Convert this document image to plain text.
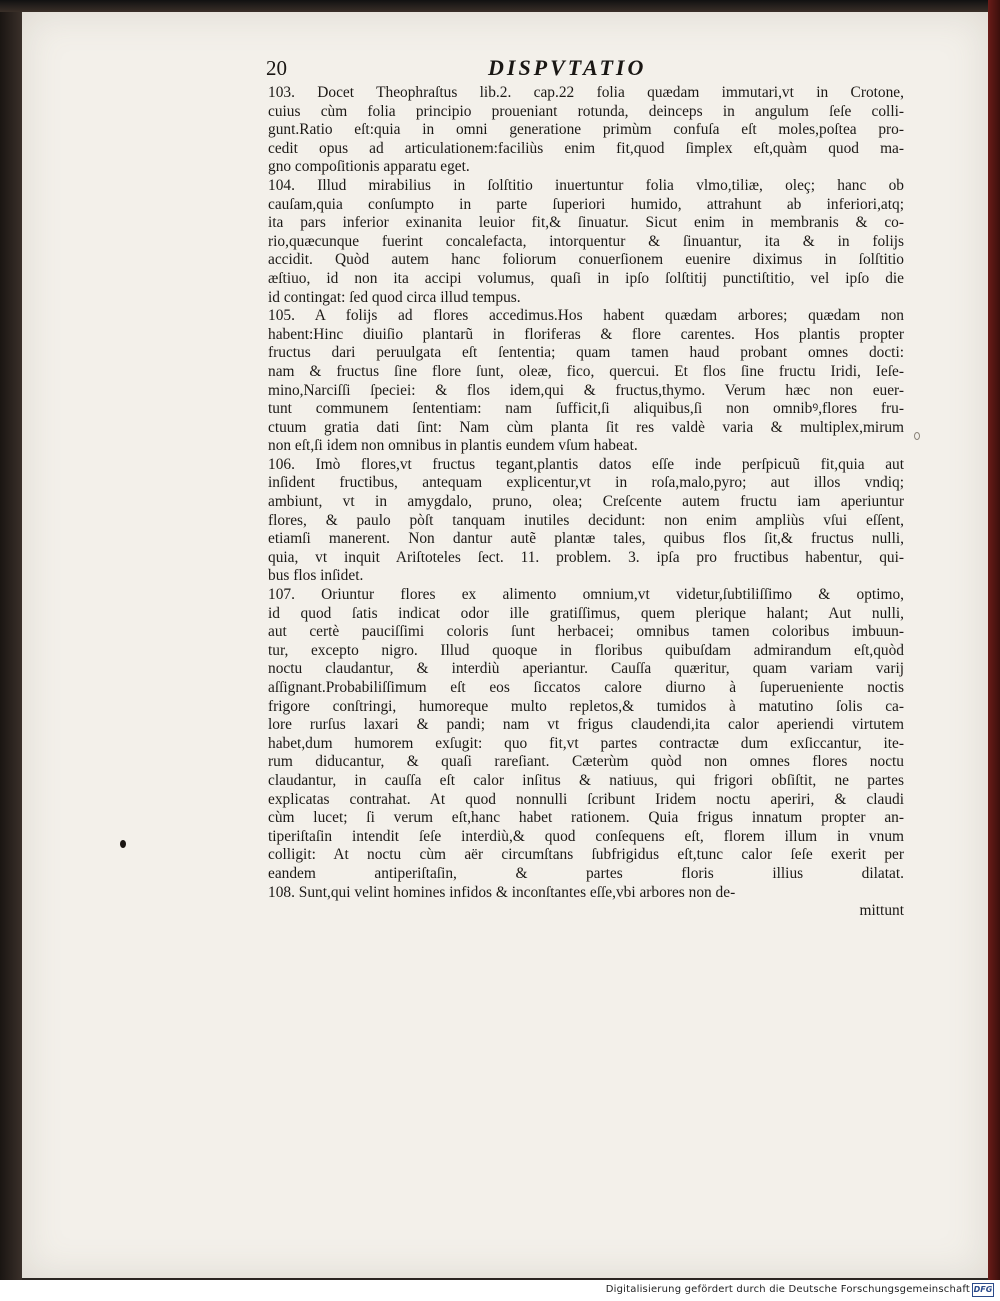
20	DISPVTATIO
103. Docet Theophraſtus lib.2. cap.22 folia quædam immutari,vt in Crotone,
cuius cùm folia principio proueniant rotunda, deinceps in angulum ſeſe colli-
gunt.Ratio eſt:quia in omni generatione primùm confuſa eſt moles,poſtea pro-
cedit opus ad articulationem:faciliùs enim fit,quod ſimplex eſt,quàm quod ma-
gno compoſitionis apparatu eget.
104. Illud mirabilius in ſolſtitio inuertuntur folia vlmo,tiliæ, oleç; hanc ob
cauſam,quia conſumpto in parte ſuperiori humido, attrahunt ab inferiori,atq;
ita pars inferior exinanita leuior fit,& ſinuatur. Sicut enim in membranis & co-
rio,quæcunque fuerint concalefacta, intorquentur & ſinuantur, ita & in folijs
accidit. Quòd autem hanc foliorum conuerſionem euenire diximus in ſolſtitio
æſtiuo, id non ita accipi volumus, quaſi in ipſo ſolſtitij punctiſtitio, vel ipſo die
id contingat: ſed quod circa illud tempus.
105. A folijs ad flores accedimus.Hos habent quædam arbores; quædam non
habent:Hinc diuiſio plantarũ in floriferas & flore carentes. Hos plantis propter
fructus dari peruulgata eſt ſententia; quam tamen haud probant omnes docti:
nam & fructus ſine flore ſunt, oleæ, fico, quercui. Et flos ſine fructu Iridi, Ieſe-
mino,Narciſſi ſpeciei: & flos idem,qui & fructus,thymo. Verum hæc non euer-
tunt communem ſententiam: nam ſufficit,ſi aliquibus,ſi non omnibꝰ,flores fru-
ctuum gratia dati ſint: Nam cùm planta ſit res valdè varia & multiplex,mirum
non eſt,ſi idem non omnibus in plantis eundem vſum habeat.
106. Imò flores,vt fructus tegant,plantis datos eſſe inde perſpicuũ fit,quia aut
inſident fructibus, antequam explicentur,vt in roſa,malo,pyro; aut illos vndiq;
ambiunt, vt in amygdalo, pruno, olea; Creſcente autem fructu iam aperiuntur
flores, & paulo pòſt tanquam inutiles decidunt: non enim ampliùs vſui eſſent,
etiamſi manerent. Non dantur autẽ plantæ tales, quibus flos ſit,& fructus nulli,
quia, vt inquit Ariſtoteles ſect. 11. problem. 3. ipſa pro fructibus habentur, qui-
bus flos inſidet.
107. Oriuntur flores ex alimento omnium,vt videtur,ſubtiliſſimo & optimo,
id quod ſatis indicat odor ille gratiſſimus, quem plerique halant; Aut nulli,
aut certè pauciſſimi coloris ſunt herbacei; omnibus tamen coloribus imbuun-
tur, excepto nigro. Illud quoque in floribus quibuſdam admirandum eſt,quòd
noctu claudantur, & interdiù aperiantur. Cauſſa quæritur, quam variam varij
aſſignant.Probabiliſſimum eſt eos ſiccatos calore diurno à ſuperueniente noctis
frigore conſtringi, humoreque multo repletos,& tumidos à matutino ſolis ca-
lore rurſus laxari & pandi; nam vt frigus claudendi,ita calor aperiendi virtutem
habet,dum humorem exſugit: quo fit,vt partes contractæ dum exſiccantur, ite-
rum diducantur, & quaſi rareſiant. Cæterùm quòd non omnes flores noctu
claudantur, in cauſſa eſt calor inſitus & natiuus, qui frigori obſiſtit, ne partes
explicatas contrahat. At quod nonnulli ſcribunt Iridem noctu aperiri, & claudi
cùm lucet; ſi verum eſt,hanc habet rationem. Quia frigus innatum propter an-
tiperiſtaſin intendit ſeſe interdiù,& quod conſequens eſt, florem illum in vnum
colligit: At noctu cùm aër circumſtans ſubfrigidus eſt,tunc calor ſeſe exerit per
eandem antiperiſtaſin, & partes floris illius dilatat.
108. Sunt,qui velint homines infidos & inconſtantes eſſe,vbi arbores non de-
mittunt
Digitalisierung gefördert durch die Deutsche Forschungsgemeinschaft DFG
